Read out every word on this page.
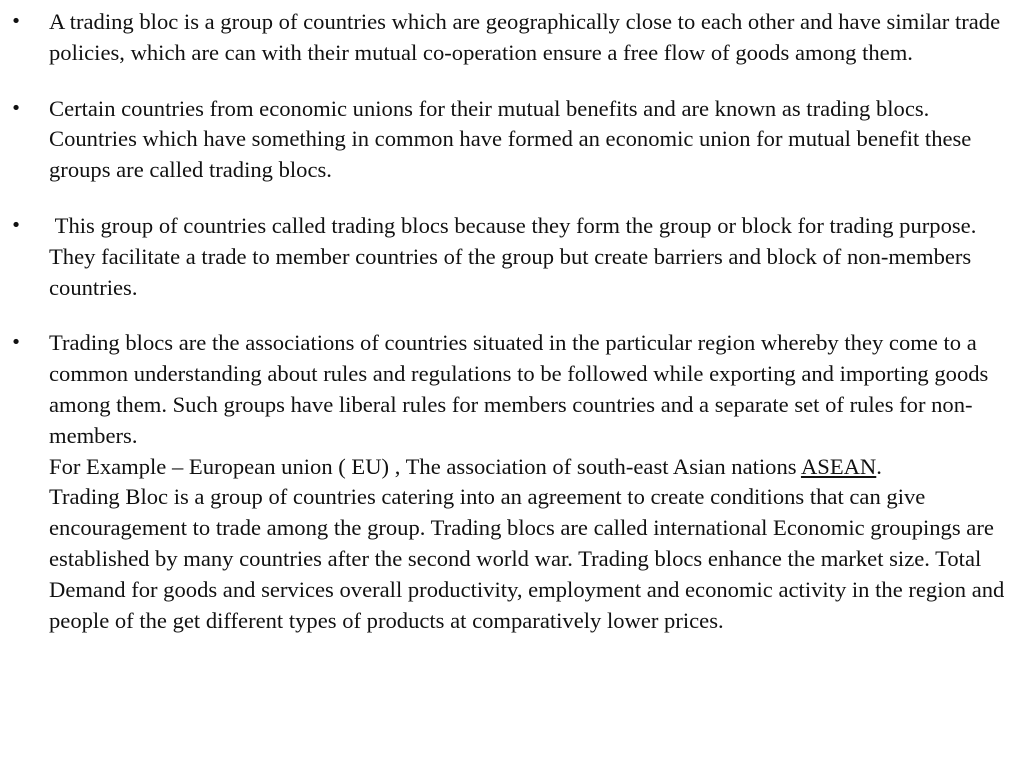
• A trading bloc is a group of countries which are geographically close to each other and have similar trade policies, which are can with their mutual co-operation ensure a free flow of goods among them.
• Certain countries from economic unions for their mutual benefits and are known as trading blocs. Countries which have something in common have formed an economic union for mutual benefit these groups are called trading blocs.
• This group of countries called trading blocs because they form the group or block for trading purpose. They facilitate a trade to member countries of the group but create barriers and block of non-members countries.
• Trading blocs are the associations of countries situated in the particular region whereby they come to a common understanding about rules and regulations to be followed while exporting and importing goods among them. Such groups have liberal rules for members countries and a separate set of rules for non-members.
For Example – European union ( EU) , The association of south-east Asian nations ASEAN.
Trading Bloc is a group of countries catering into an agreement to create conditions that can give encouragement to trade among the group. Trading blocs are called international Economic groupings are established by many countries after the second world war. Trading blocs enhance the market size. Total Demand for goods and services overall productivity, employment and economic activity in the region and people of the get different types of products at comparatively lower prices.
